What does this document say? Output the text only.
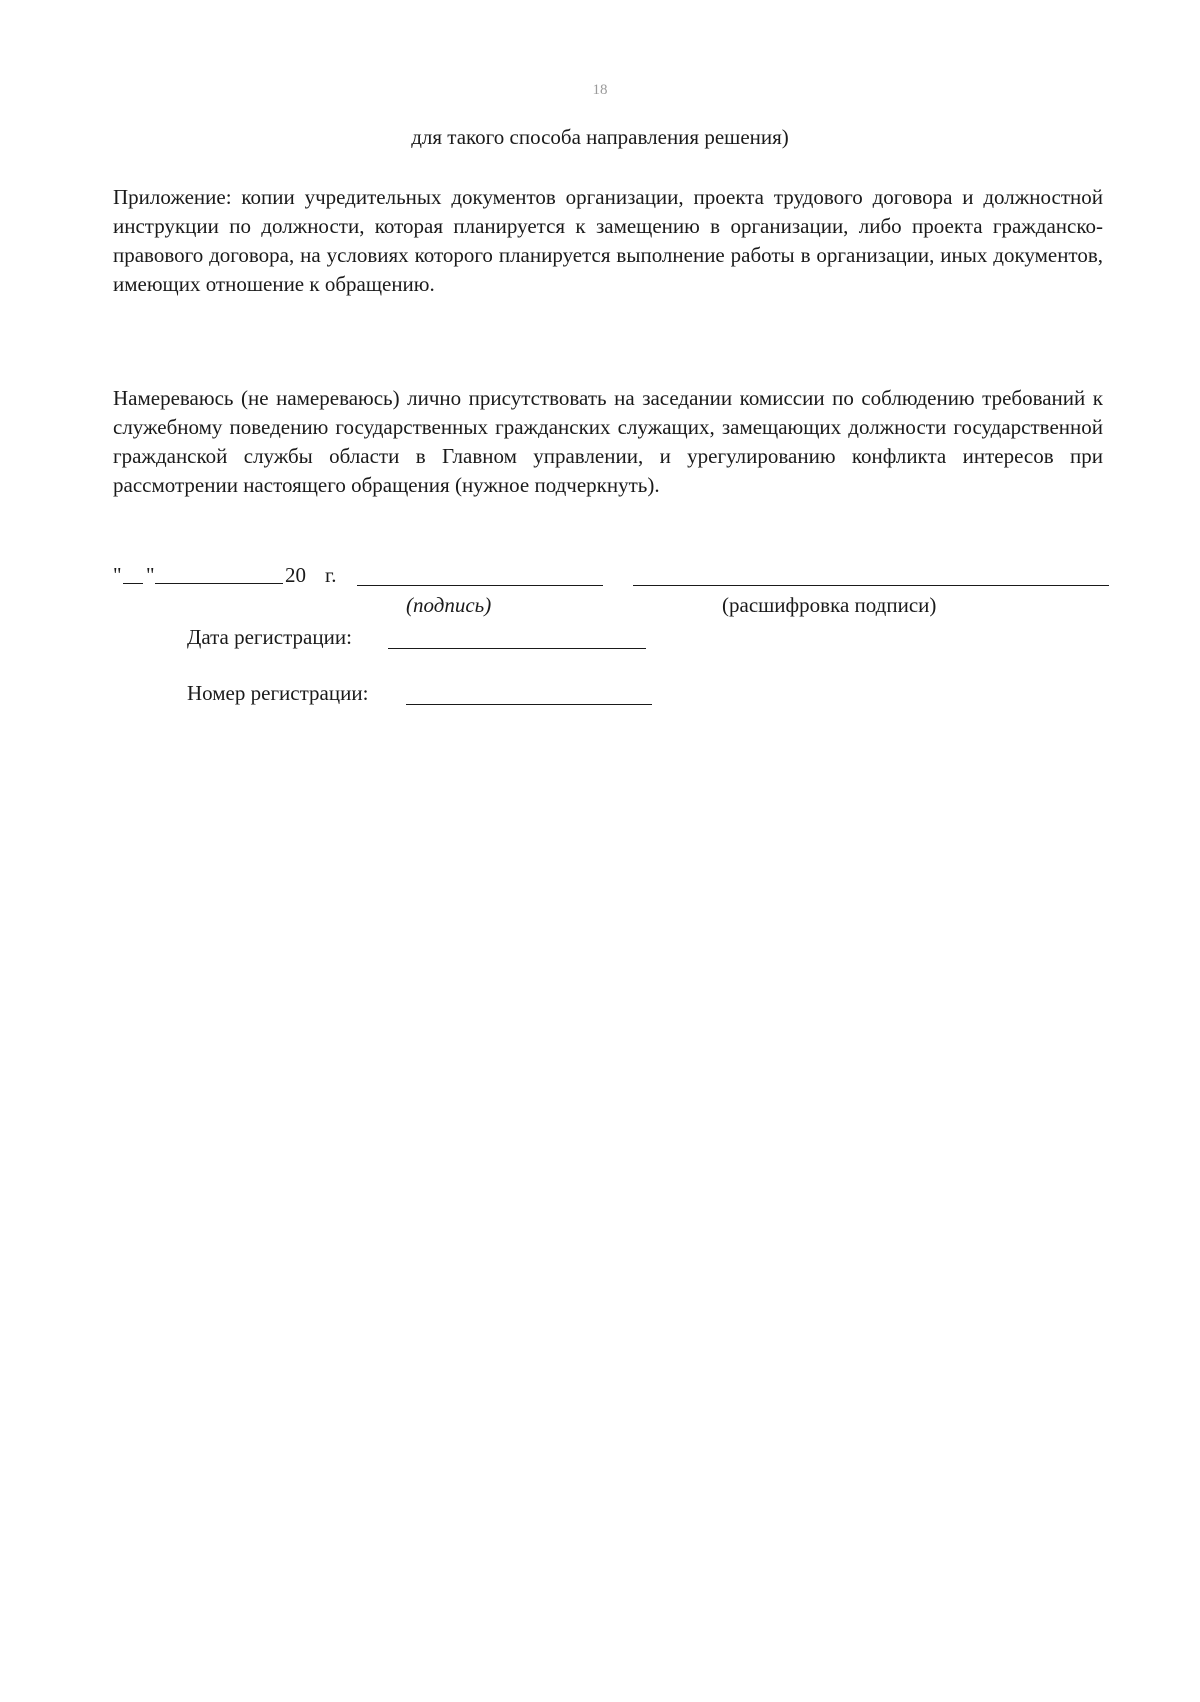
18
для такого способа направления решения)

Приложение: копии учредительных документов организации, проекта трудового договора и должностной инструкции по должности, которая планируется к замещению в организации, либо проекта гражданско-правового договора, на условиях которого планируется выполнение работы в организации, иных документов, имеющих отношение к обращению.

Намереваюсь (не намереваюсь) лично присутствовать на заседании комиссии по соблюдению требований к служебному поведению государственных гражданских служащих, замещающих должности государственной гражданской службы области в Главном управлении, и урегулированию конфликта интересов при рассмотрении настоящего обращения (нужное подчеркнуть).

" "	20 г.
(подпись)	(расшифровка подписи)
Дата регистрации:
Номер регистрации:
